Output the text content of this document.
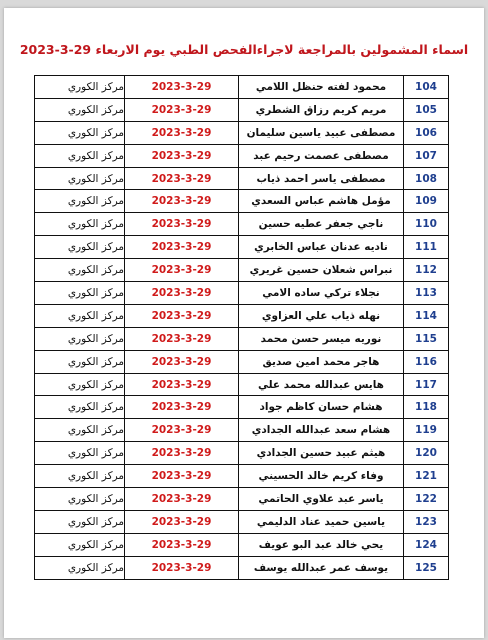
اسماء المشمولين بالمراجعة لاجراءالفحص الطبي يوم الاربعاء 29-3-2023
مركز الكوري	2023-3-29	محمود لفته حنظل اللامي	104
مركز الكوري	2023-3-29	مريم كريم رزاق الشطري	105
مركز الكوري	2023-3-29	مصطفى عبيد ياسين سليمان	106
مركز الكوري	2023-3-29	مصطفى عصمت رحيم عبد	107
مركز الكوري	2023-3-29	مصطفى ياسر احمد ذياب	108
مركز الكوري	2023-3-29	مؤمل هاشم عباس السعدي	109
مركز الكوري	2023-3-29	ناجي جعفر عطيه حسين	110
مركز الكوري	2023-3-29	ناديه عدنان عباس الخابري	111
مركز الكوري	2023-3-29	نبراس شعلان حسين غريري	112
مركز الكوري	2023-3-29	نجلاء تركي ساده الامي	113
مركز الكوري	2023-3-29	نهله ذياب علي العزاوي	114
مركز الكوري	2023-3-29	نوريه ميسر حسن محمد	115
مركز الكوري	2023-3-29	هاجر محمد امين صديق	116
مركز الكوري	2023-3-29	هايس عبدالله محمد علي	117
مركز الكوري	2023-3-29	هشام حسان كاظم جواد	118
مركز الكوري	2023-3-29	هشام سعد عبدالله الجدادي	119
مركز الكوري	2023-3-29	هيثم عبيد حسين الجدادي	120
مركز الكوري	2023-3-29	وفاء كريم خالد الحسيني	121
مركز الكوري	2023-3-29	ياسر عبد علاوي الحاتمي	122
مركز الكوري	2023-3-29	ياسين حميد عناد الدليمي	123
مركز الكوري	2023-3-29	يحي خالد عبد البو عويف	124
مركز الكوري	2023-3-29	يوسف عمر عبدالله يوسف	125
